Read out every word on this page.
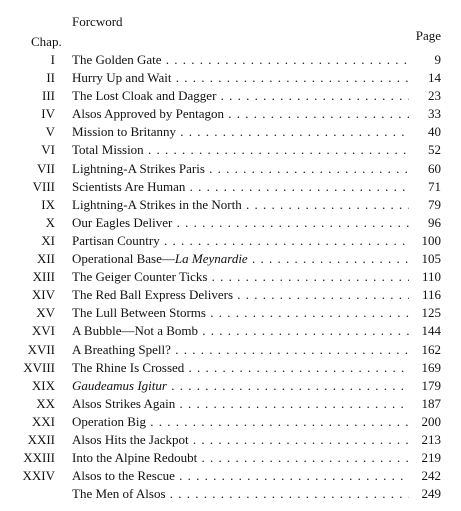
Forcword
Chap.	Page
I The Golden Gate . . .	9
II Hurry Up and Wait . . .	14
III The Lost Cloak and Dagger . . .	23
IV Alsos Approved by Pentagon . . .	33
V Mission to Britanny . . .	40
VI Total Mission . . .	52
VII Lightning-A Strikes Paris . . .	60
VIII Scientists Are Human . . .	71
IX Lightning-A Strikes in the North . . .	79
X Our Eagles Deliver . . .	96
XI Partisan Country . . .	100
XII Operational Base—La Meynardie . . .	105
XIII The Geiger Counter Ticks . . .	110
XIV The Red Ball Express Delivers . . .	116
XV The Lull Between Storms . . .	125
XVI A Bubble—Not a Bomb . . .	144
XVII A Breathing Spell? . . .	162
XVIII The Rhine Is Crossed . . .	169
XIX Gaudeamus Igitur . . .	179
XX Alsos Strikes Again . . .	187
XXI Operation Big . . .	200
XXII Alsos Hits the Jackpot . . .	213
XXIII Into the Alpine Redoubt . . .	219
XXIV Alsos to the Rescue . . .	242
The Men of Alsos . . .	249
